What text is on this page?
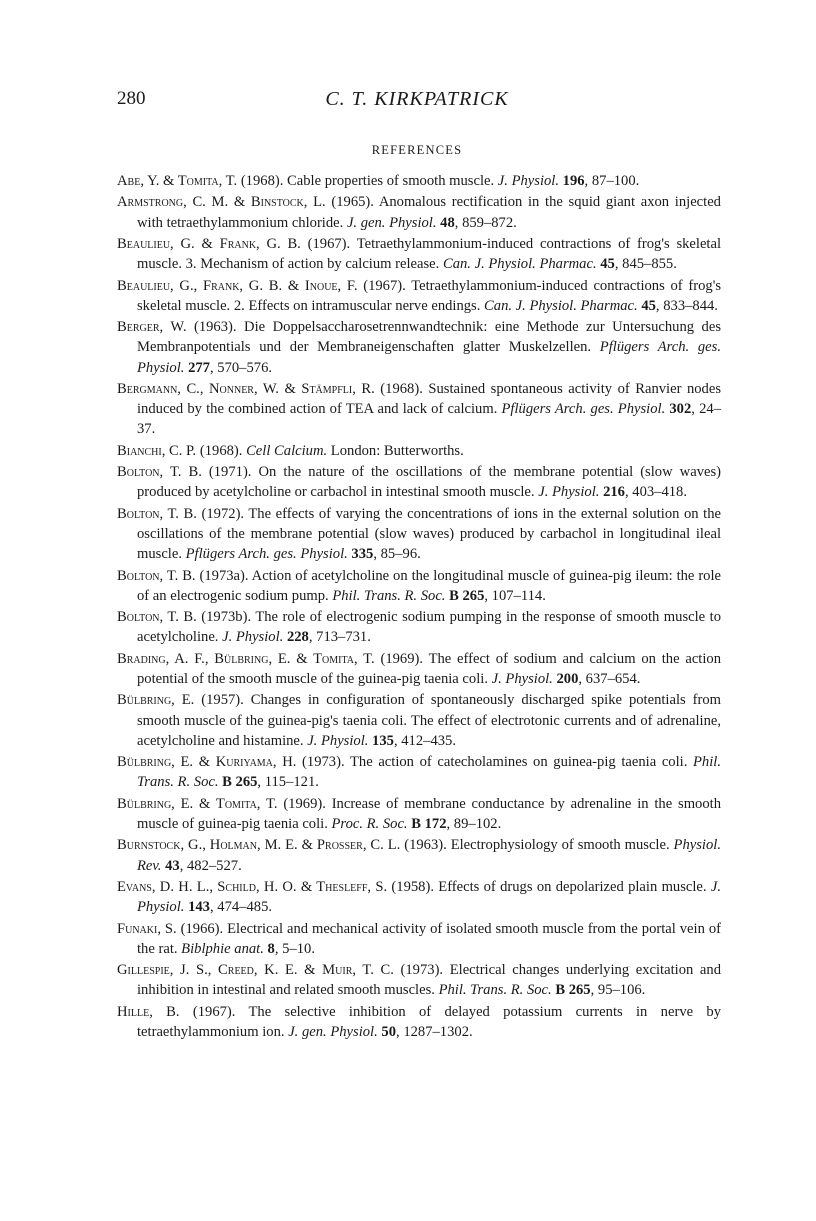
280	C. T. KIRKPATRICK
REFERENCES
Abe, Y. & Tomita, T. (1968). Cable properties of smooth muscle. J. Physiol. 196, 87–100.
Armstrong, C. M. & Binstock, L. (1965). Anomalous rectification in the squid giant axon injected with tetraethylammonium chloride. J. gen. Physiol. 48, 859–872.
Beaulieu, G. & Frank, G. B. (1967). Tetraethylammonium-induced contractions of frog's skeletal muscle. 3. Mechanism of action by calcium release. Can. J. Physiol. Pharmac. 45, 845–855.
Beaulieu, G., Frank, G. B. & Inoue, F. (1967). Tetraethylammonium-induced contractions of frog's skeletal muscle. 2. Effects on intramuscular nerve endings. Can. J. Physiol. Pharmac. 45, 833–844.
Berger, W. (1963). Die Doppelsaccharosetrennwandtechnik: eine Methode zur Untersuchung des Membranpotentials und der Membraneigenschaften glatter Muskelzellen. Pflügers Arch. ges. Physiol. 277, 570–576.
Bergmann, C., Nonner, W. & Stämpfli, R. (1968). Sustained spontaneous activity of Ranvier nodes induced by the combined action of TEA and lack of calcium. Pflügers Arch. ges. Physiol. 302, 24–37.
Bianchi, C. P. (1968). Cell Calcium. London: Butterworths.
Bolton, T. B. (1971). On the nature of the oscillations of the membrane potential (slow waves) produced by acetylcholine or carbachol in intestinal smooth muscle. J. Physiol. 216, 403–418.
Bolton, T. B. (1972). The effects of varying the concentrations of ions in the external solution on the oscillations of the membrane potential (slow waves) produced by carbachol in longitudinal ileal muscle. Pflügers Arch. ges. Physiol. 335, 85–96.
Bolton, T. B. (1973a). Action of acetylcholine on the longitudinal muscle of guinea-pig ileum: the role of an electrogenic sodium pump. Phil. Trans. R. Soc. B 265, 107–114.
Bolton, T. B. (1973b). The role of electrogenic sodium pumping in the response of smooth muscle to acetylcholine. J. Physiol. 228, 713–731.
Brading, A. F., Bülbring, E. & Tomita, T. (1969). The effect of sodium and calcium on the action potential of the smooth muscle of the guinea-pig taenia coli. J. Physiol. 200, 637–654.
Bülbring, E. (1957). Changes in configuration of spontaneously discharged spike potentials from smooth muscle of the guinea-pig's taenia coli. The effect of electrotonic currents and of adrenaline, acetylcholine and histamine. J. Physiol. 135, 412–435.
Bülbring, E. & Kuriyama, H. (1973). The action of catecholamines on guinea-pig taenia coli. Phil. Trans. R. Soc. B 265, 115–121.
Bülbring, E. & Tomita, T. (1969). Increase of membrane conductance by adrenaline in the smooth muscle of guinea-pig taenia coli. Proc. R. Soc. B 172, 89–102.
Burnstock, G., Holman, M. E. & Prosser, C. L. (1963). Electrophysiology of smooth muscle. Physiol. Rev. 43, 482–527.
Evans, D. H. L., Schild, H. O. & Thesleff, S. (1958). Effects of drugs on depolarized plain muscle. J. Physiol. 143, 474–485.
Funaki, S. (1966). Electrical and mechanical activity of isolated smooth muscle from the portal vein of the rat. Biblphie anat. 8, 5–10.
Gillespie, J. S., Creed, K. E. & Muir, T. C. (1973). Electrical changes underlying excitation and inhibition in intestinal and related smooth muscles. Phil. Trans. R. Soc. B 265, 95–106.
Hille, B. (1967). The selective inhibition of delayed potassium currents in nerve by tetraethylammonium ion. J. gen. Physiol. 50, 1287–1302.
